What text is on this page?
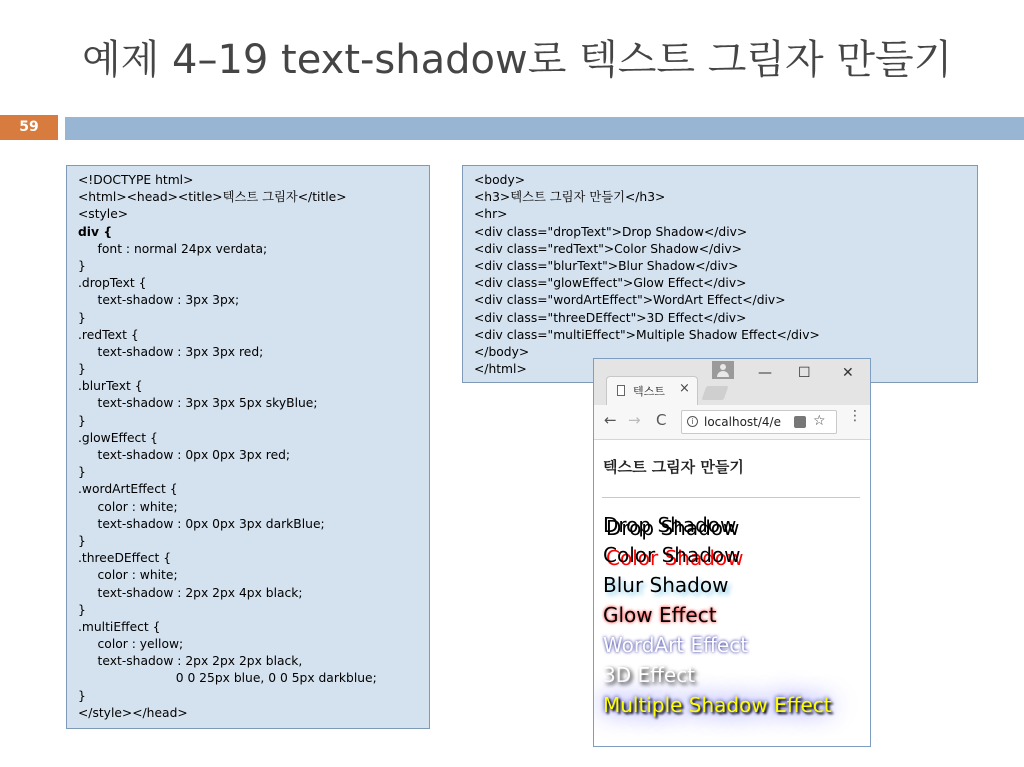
예제 4–19 text-shadow로 텍스트 그림자 만들기
59
<!DOCTYPE html>
<html><head><title>텍스트 그림자</title>
<style>
div {
font : normal 24px verdata;
}
.dropText {
text-shadow : 3px 3px;
}
.redText {
text-shadow : 3px 3px red;
}
.blurText {
text-shadow : 3px 3px 5px skyBlue;
}
.glowEffect {
text-shadow : 0px 0px 3px red;
}
.wordArtEffect {
color : white;
text-shadow : 0px 0px 3px darkBlue;
}
.threeDEffect {
color : white;
text-shadow : 2px 2px 4px black;
}
.multiEffect {
color : yellow;
text-shadow : 2px 2px 2px black,
0 0 25px blue, 0 0 5px darkblue;
}
</style></head>
<body>
<h3>텍스트 그림자 만들기</h3>
<hr>
<div class="dropText">Drop Shadow</div>
<div class="redText">Color Shadow</div>
<div class="blurText">Blur Shadow</div>
<div class="glowEffect">Glow Effect</div>
<div class="wordArtEffect">WordArt Effect</div>
<div class="threeDEffect">3D Effect</div>
<div class="multiEffect">Multiple Shadow Effect</div>
</body>
</html>
텍스트 ×
— ☐ ✕
← → C	i localhost/4/e ☆ ⋮
텍스트 그림자 만들기
Drop Shadow
Color Shadow
Blur Shadow
Glow Effect
WordArt Effect
3D Effect
Multiple Shadow Effect
